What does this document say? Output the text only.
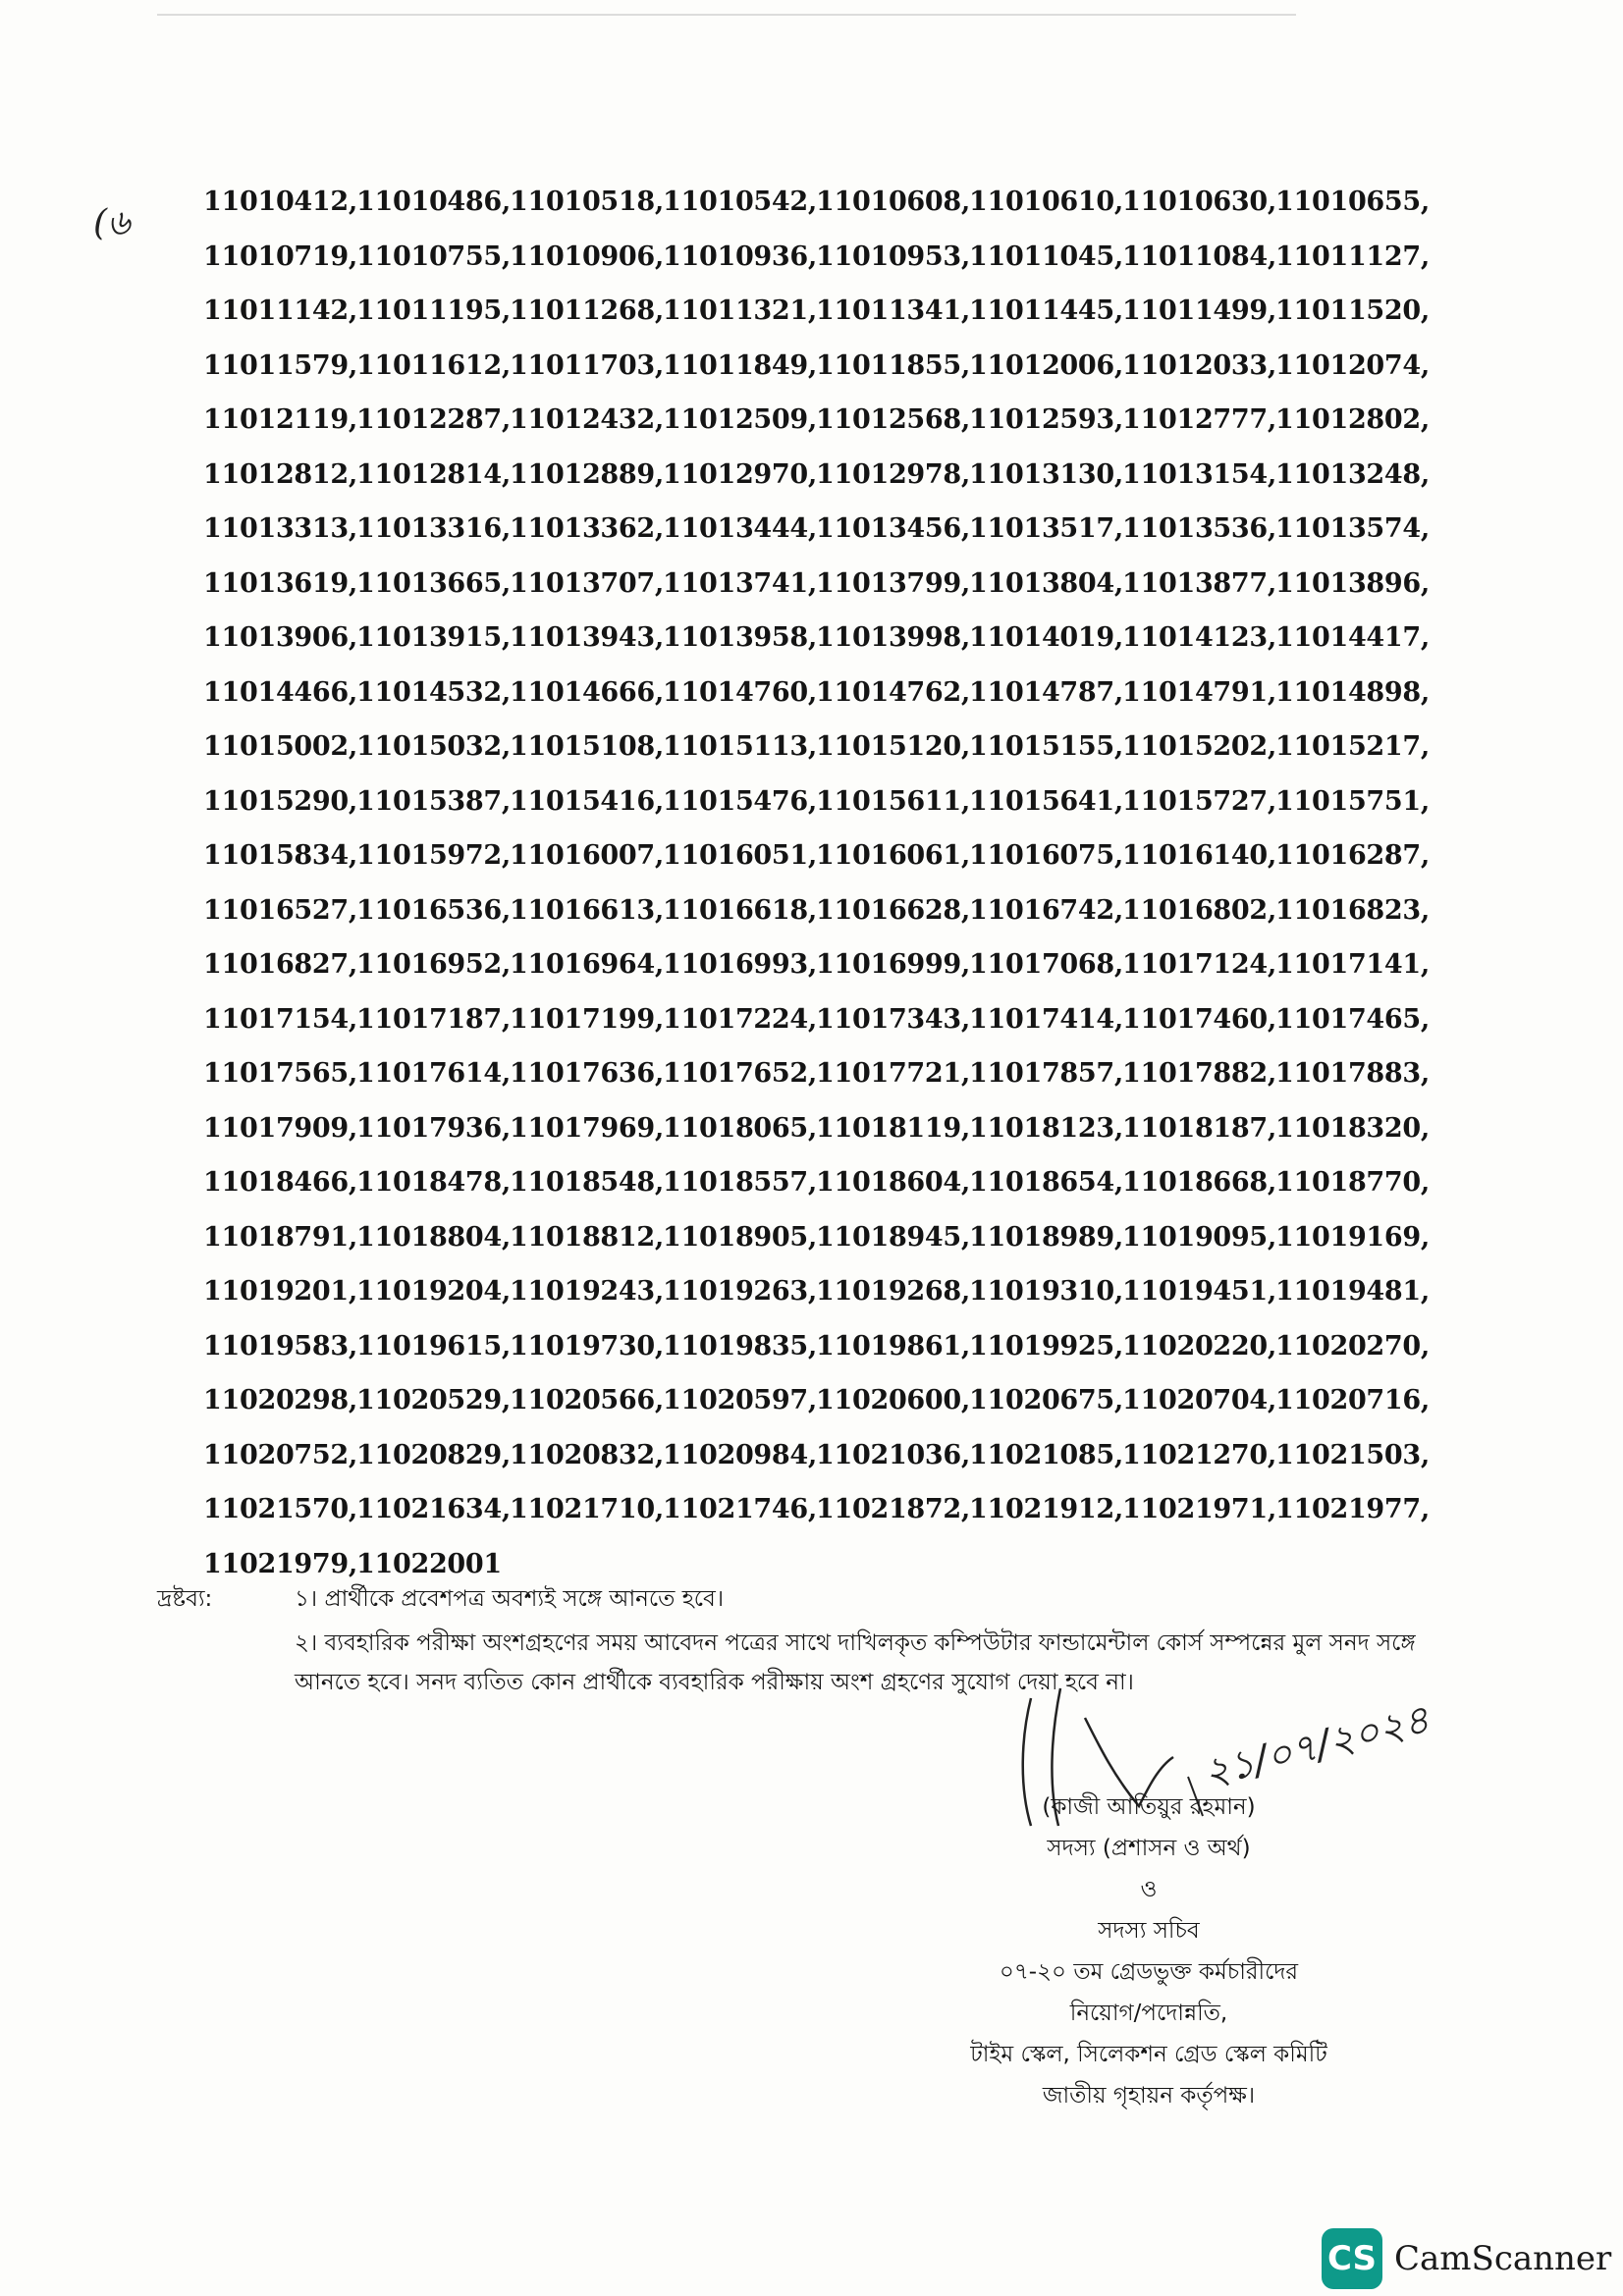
(৬
11010412, 11010486, 11010518, 11010542, 11010608, 11010610, 11010630, 11010655,
11010719, 11010755, 11010906, 11010936, 11010953, 11011045, 11011084, 11011127,
11011142, 11011195, 11011268, 11011321, 11011341, 11011445, 11011499, 11011520,
11011579, 11011612, 11011703, 11011849, 11011855, 11012006, 11012033, 11012074,
11012119, 11012287, 11012432, 11012509, 11012568, 11012593, 11012777, 11012802,
11012812, 11012814, 11012889, 11012970, 11012978, 11013130, 11013154, 11013248,
11013313, 11013316, 11013362, 11013444, 11013456, 11013517, 11013536, 11013574,
11013619, 11013665, 11013707, 11013741, 11013799, 11013804, 11013877, 11013896,
11013906, 11013915, 11013943, 11013958, 11013998, 11014019, 11014123, 11014417,
11014466, 11014532, 11014666, 11014760, 11014762, 11014787, 11014791, 11014898,
11015002, 11015032, 11015108, 11015113, 11015120, 11015155, 11015202, 11015217,
11015290, 11015387, 11015416, 11015476, 11015611, 11015641, 11015727, 11015751,
11015834, 11015972, 11016007, 11016051, 11016061, 11016075, 11016140, 11016287,
11016527, 11016536, 11016613, 11016618, 11016628, 11016742, 11016802, 11016823,
11016827, 11016952, 11016964, 11016993, 11016999, 11017068, 11017124, 11017141,
11017154, 11017187, 11017199, 11017224, 11017343, 11017414, 11017460, 11017465,
11017565, 11017614, 11017636, 11017652, 11017721, 11017857, 11017882, 11017883,
11017909, 11017936, 11017969, 11018065, 11018119, 11018123, 11018187, 11018320,
11018466, 11018478, 11018548, 11018557, 11018604, 11018654, 11018668, 11018770,
11018791, 11018804, 11018812, 11018905, 11018945, 11018989, 11019095, 11019169,
11019201, 11019204, 11019243, 11019263, 11019268, 11019310, 11019451, 11019481,
11019583, 11019615, 11019730, 11019835, 11019861, 11019925, 11020220, 11020270,
11020298, 11020529, 11020566, 11020597, 11020600, 11020675, 11020704, 11020716,
11020752, 11020829, 11020832, 11020984, 11021036, 11021085, 11021270, 11021503,
11021570, 11021634, 11021710, 11021746, 11021872, 11021912, 11021971, 11021977,
11021979, 11022001
দ্রষ্টব্য:	১। প্রার্থীকে প্রবেশপত্র অবশ্যই সঙ্গে আনতে হবে।
২। ব্যবহারিক পরীক্ষা অংশগ্রহণের সময় আবেদন পত্রের সাথে দাখিলকৃত কম্পিউটার ফান্ডামেন্টাল কোর্স সম্পন্নের মুল সনদ সঙ্গে আনতে হবে। সনদ ব্যতিত কোন প্রার্থীকে ব্যবহারিক পরীক্ষায় অংশ গ্রহণের সুযোগ দেয়া হবে না।
২১/০৭/২০২৪
(কাজী আতিয়ুর রহমান)
সদস্য (প্রশাসন ও অর্থ)
ও
সদস্য সচিব
০৭-২০ তম গ্রেডভুক্ত কর্মচারীদের
নিয়োগ/পদোন্নতি,
টাইম স্কেল, সিলেকশন গ্রেড স্কেল কমিটি
জাতীয় গৃহায়ন কর্তৃপক্ষ।
CS CamScanner
